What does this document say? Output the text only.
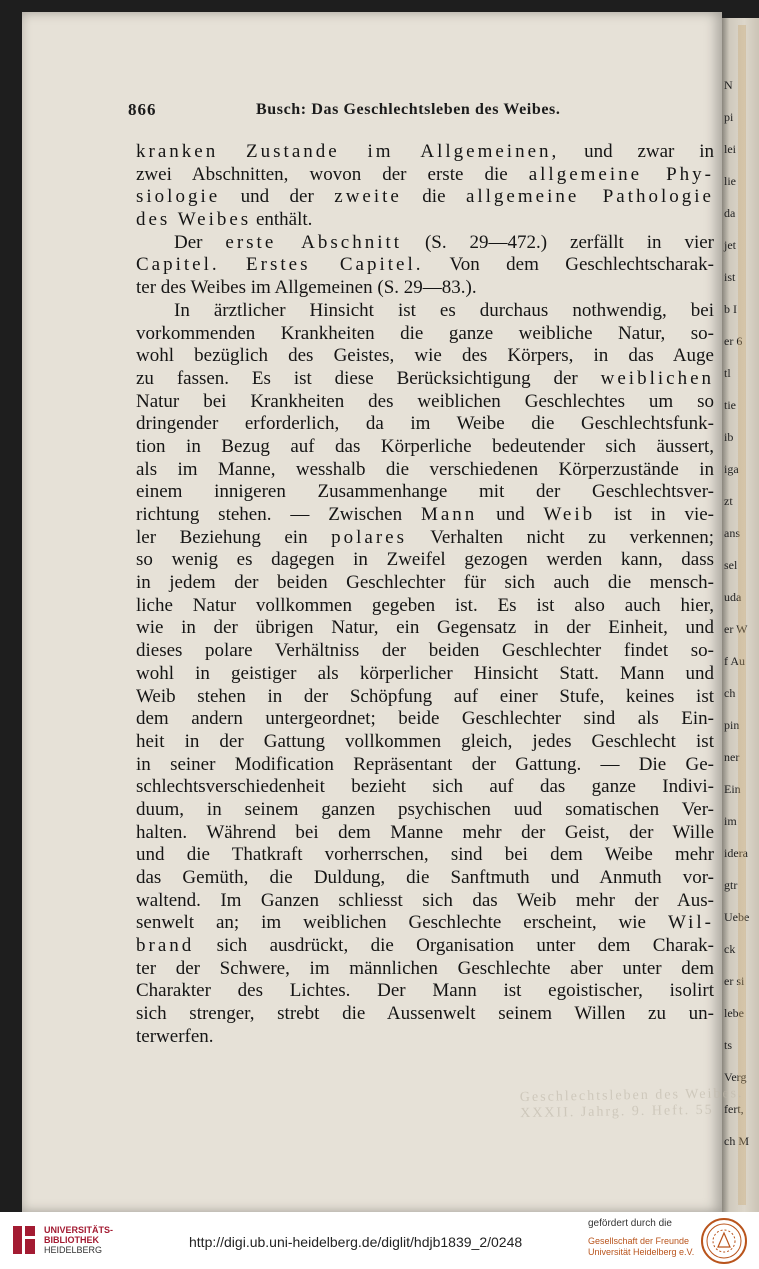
N
pi
lei
lie
da
jet
ist
b I
er 6
tl
tie
ib
iga
zt
ans
sel
uda
er W
f Au
ch
pin
ner
Ein
im
idera
gtr
Uebe
ck
er si
lebe
ts
Verg
fert,
ch M
866	Busch: Das Geschlechtsleben des Weibes.
kranken Zustande im Allgemeinen, und zwar in
zwei Abschnitten, wovon der erste die allgemeine Phy-
siologie und der zweite die allgemeine Pathologie
des Weibes enthält.
Der erste Abschnitt (S. 29—472.) zerfällt in vier
Capitel. Erstes Capitel. Von dem Geschlechtscharak-
ter des Weibes im Allgemeinen (S. 29—83.).
In ärztlicher Hinsicht ist es durchaus nothwendig, bei
vorkommenden Krankheiten die ganze weibliche Natur, so-
wohl bezüglich des Geistes, wie des Körpers, in das Auge
zu fassen. Es ist diese Berücksichtigung der weiblichen
Natur bei Krankheiten des weiblichen Geschlechtes um so
dringender erforderlich, da im Weibe die Geschlechtsfunk-
tion in Bezug auf das Körperliche bedeutender sich äussert,
als im Manne, wesshalb die verschiedenen Körperzustände in
einem innigeren Zusammenhange mit der Geschlechtsver-
richtung stehen. — Zwischen Mann und Weib ist in vie-
ler Beziehung ein polares Verhalten nicht zu verkennen;
so wenig es dagegen in Zweifel gezogen werden kann, dass
in jedem der beiden Geschlechter für sich auch die mensch-
liche Natur vollkommen gegeben ist. Es ist also auch hier,
wie in der übrigen Natur, ein Gegensatz in der Einheit, und
dieses polare Verhältniss der beiden Geschlechter findet so-
wohl in geistiger als körperlicher Hinsicht Statt. Mann und
Weib stehen in der Schöpfung auf einer Stufe, keines ist
dem andern untergeordnet; beide Geschlechter sind als Ein-
heit in der Gattung vollkommen gleich, jedes Geschlecht ist
in seiner Modification Repräsentant der Gattung. — Die Ge-
schlechtsverschiedenheit bezieht sich auf das ganze Indivi-
duum, in seinem ganzen psychischen uud somatischen Ver-
halten. Während bei dem Manne mehr der Geist, der Wille
und die Thatkraft vorherrschen, sind bei dem Weibe mehr
das Gemüth, die Duldung, die Sanftmuth und Anmuth vor-
waltend. Im Ganzen schliesst sich das Weib mehr der Aus-
senwelt an; im weiblichen Geschlechte erscheint, wie Wil-
brand sich ausdrückt, die Organisation unter dem Charak-
ter der Schwere, im männlichen Geschlechte aber unter dem
Charakter des Lichtes. Der Mann ist egoistischer, isolirt
sich strenger, strebt die Aussenwelt seinem Willen zu un-
terwerfen.
Geschlechtsleben des Weibes. XXXII. Jahrg. 9. Heft. 55
UNIVERSITÄTS-
BIBLIOTHEK
HEIDELBERG	http://digi.ub.uni-heidelberg.de/diglit/hdjb1839_2/0248
gefördert durch die
Gesellschaft der Freunde
Universität Heidelberg e.V.
